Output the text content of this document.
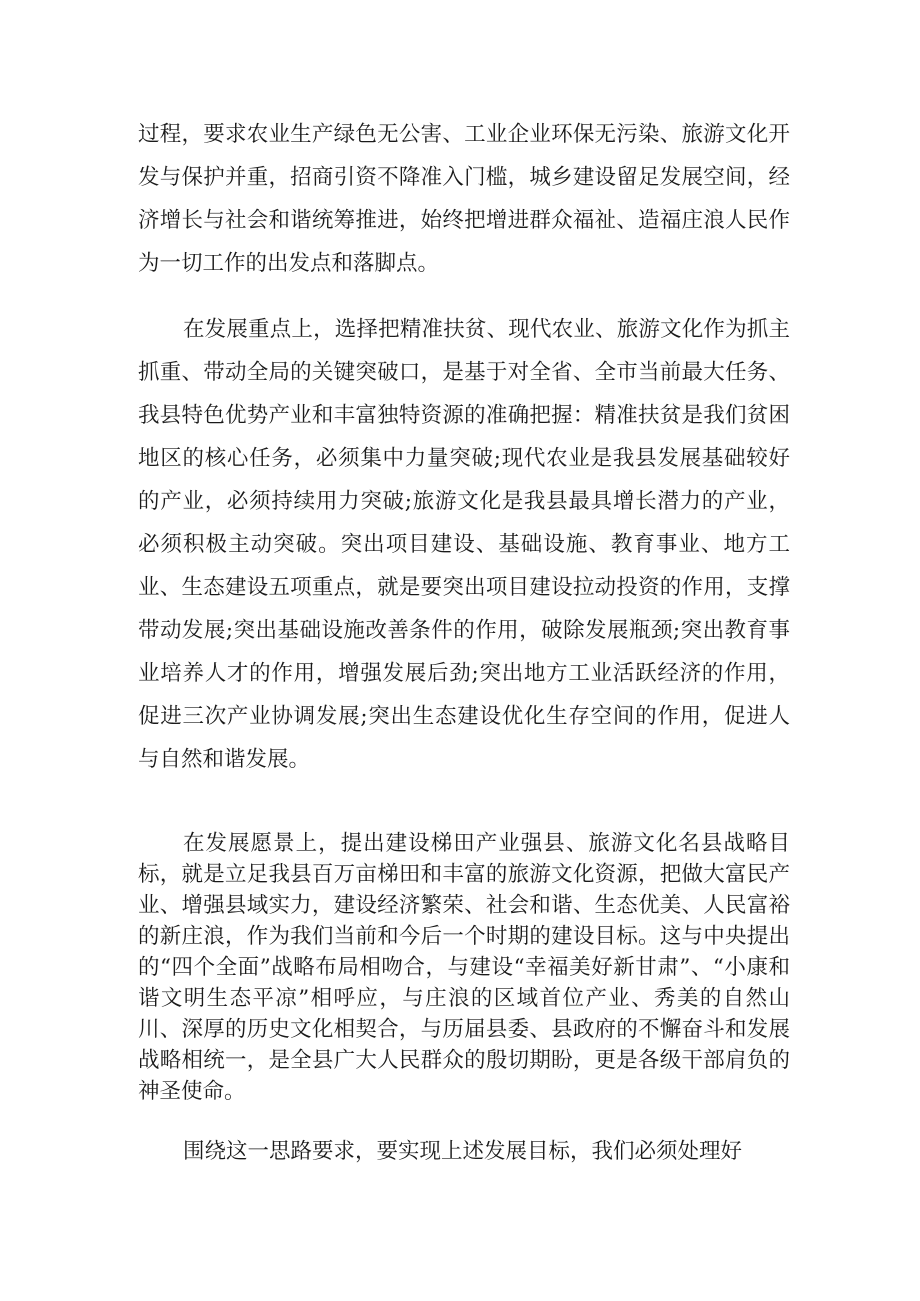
过程，要求农业生产绿色无公害、工业企业环保无污染、旅游文化开发与保护并重，招商引资不降准入门槛，城乡建设留足发展空间，经济增长与社会和谐统筹推进，始终把增进群众福祉、造福庄浪人民作为一切工作的出发点和落脚点。

在发展重点上，选择把精准扶贫、现代农业、旅游文化作为抓主抓重、带动全局的关键突破口，是基于对全省、全市当前最大任务、我县特色优势产业和丰富独特资源的准确把握：精准扶贫是我们贫困地区的核心任务，必须集中力量突破;现代农业是我县发展基础较好的产业，必须持续用力突破;旅游文化是我县最具增长潜力的产业，必须积极主动突破。突出项目建设、基础设施、教育事业、地方工业、生态建设五项重点，就是要突出项目建设拉动投资的作用，支撑带动发展;突出基础设施改善条件的作用，破除发展瓶颈;突出教育事业培养人才的作用，增强发展后劲;突出地方工业活跃经济的作用，促进三次产业协调发展;突出生态建设优化生存空间的作用，促进人与自然和谐发展。

在发展愿景上，提出建设梯田产业强县、旅游文化名县战略目标，就是立足我县百万亩梯田和丰富的旅游文化资源，把做大富民产业、增强县域实力，建设经济繁荣、社会和谐、生态优美、人民富裕的新庄浪，作为我们当前和今后一个时期的建设目标。这与中央提出的“四个全面”战略布局相吻合，与建设“幸福美好新甘肃”、“小康和谐文明生态平凉”相呼应，与庄浪的区域首位产业、秀美的自然山川、深厚的历史文化相契合，与历届县委、县政府的不懈奋斗和发展战略相统一，是全县广大人民群众的殷切期盼，更是各级干部肩负的神圣使命。

围绕这一思路要求，要实现上述发展目标，我们必须处理好
